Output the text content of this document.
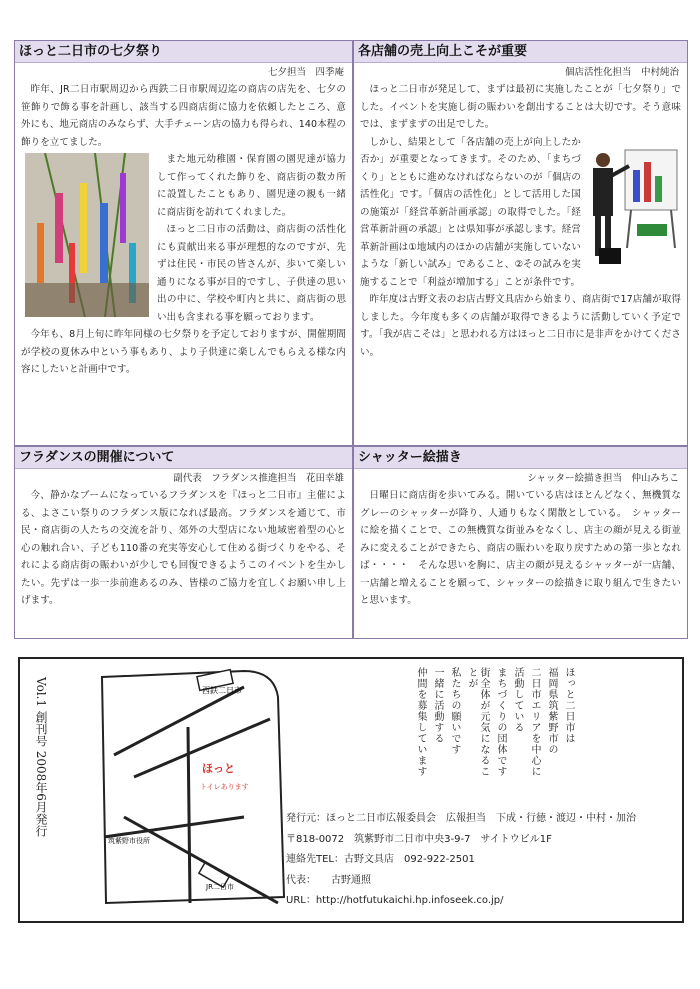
ほっと二日市の七夕祭り
七夕担当　四季庵

昨年、JR二日市駅周辺から西鉄二日市駅周辺迄の商店の店先を、七夕の笹飾りで飾る事を計画し、該当する四商店街に協力を依頼したところ、意外にも、地元商店のみならず、大手チェーン店の協力も得られ、140本程の飾りを立てました。

また地元幼稚園・保育園の園児達が協力して作ってくれた飾りを、商店街の数カ所に設置したこともあり、園児達の親も一緒に商店街を訪れてくれました。

ほっと二日市の活動は、商店街の活性化にも貢献出来る事が理想的なのですが、先ずは住民・市民の皆さんが、歩いて楽しい通りになる事が目的ですし、子供達の思い出の中に、学校や町内と共に、商店街の思い出も含まれる事を願っております。

今年も、8月上旬に昨年同様の七夕祭りを予定しておりますが、開催期間が学校の夏休み中という事もあり、より子供達に楽しんでもらえる様な内容にしたいと計画中です。

各店舗の売上向上こそが重要
個店活性化担当　中村純治

ほっと二日市が発足して、まずは最初に実施したことが「七夕祭り」でした。イベントを実施し街の賑わいを創出することは大切です。そう意味では、まずまずの出足でした。

しかし、結果として「各店舗の売上が向上したか否か」が重要となってきます。そのため、「まちづくり」とともに進めなければならないのが「個店の活性化」です。「個店の活性化」として活用した国の施策が「経営革新計画承認」の取得でした。「経営革新計画の承認」とは県知事が承認します。経営革新計画は①地域内のほかの店舗が実施していないような「新しい試み」であること、②その試みを実施することで「利益が増加する」ことが条件です。

昨年度は古野文表のお店古野文具店から始まり、商店街で17店舗が取得しました。今年度も多くの店舗が取得できるように活動していく予定です。「我が店こそは」と思われる方はほっと二日市に是非声をかけてください。

フラダンスの開催について
副代表　フラダンス推進担当　花田幸雄

今、静かなブームになっているフラダンスを『ほっと二日市』主催による、よさこい祭りのフラダンス版になれば最高。フラダンスを通じて、市民・商店街の人たちの交流を計り、郊外の大型店にない地域密着型の心と心の触れ合い、子ども110番の充実等安心して住める街づくりをやる、それによる商店街の賑わいが少しでも回復できるようこのイベントを生かしたい。先ずは一歩一歩前進あるのみ、皆様のご協力を宜しくお願い申し上げます。

シャッター絵描き
シャッター絵描き担当　仲山みちこ

日曜日に商店街を歩いてみる。開いている店はほとんどなく、無機質なグレーのシャッターが降り、人通りもなく閑散としている。　シャッターに絵を描くことで、この無機質な街並みをなくし、店主の顔が見える街並みに変えることができたら、商店の賑わいを取り戻すための第一歩となれば・・・・　そんな思いを胸に、店主の顔が見えるシャッターが一店舗、一店舗と増えることを願って、シャッターの絵描きに取り組んで生きたいと思います。

Vol.1 創刊号 2008年6月発行	西鉄二日市
ほっと
トイレあります
筑紫野市役所
JR二日市
ほっと二日市は
福岡県筑紫野市の
二日市エリアを中心に
活動している
まちづくりの団体です
街全体が元気になることが
私たちの願いです
一緒に活動する
仲間を募集しています
発行元：ほっと二日市広報委員会　広報担当　下成・行徳・渡辺・中村・加治
〒818-0072　筑紫野市二日市中央3-9-7　サイトウビル1F
連絡先TEL：古野文具店　092-922-2501
代表：　　古野通照
URL：http://hotfutukaichi.hp.infoseek.co.jp/
